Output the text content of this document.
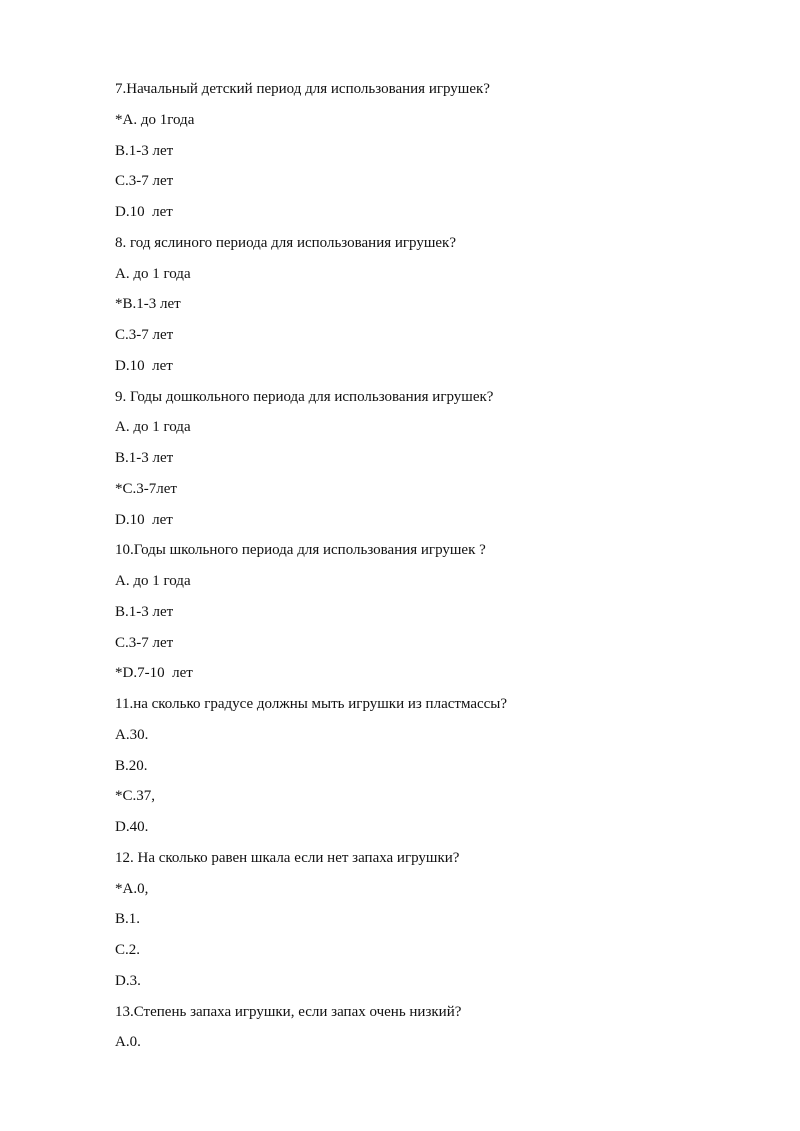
7.Начальный детский период для использования игрушек?
*A. до 1года
B.1-3 лет
C.3-7 лет
D.10  лет
8. год яслиного периода для использования игрушек?
A. до 1 года
*B.1-3 лет
C.3-7 лет
D.10  лет
9. Годы дошкольного периода для использования игрушек?
A. до 1 года
B.1-3 лет
*C.3-7лет
D.10  лет
10.Годы школьного периода для использования игрушек ?
A. до 1 года
B.1-3 лет
C.3-7 лет
*D.7-10  лет
11.на сколько градусе должны мыть игрушки из пластмассы?
A.30.
B.20.
*C.37,
D.40.
12. На сколько равен шкала если нет запаха игрушки?
*A.0,
B.1.
C.2.
D.3.
13.Степень запаха игрушки, если запах очень низкий?
A.0.
